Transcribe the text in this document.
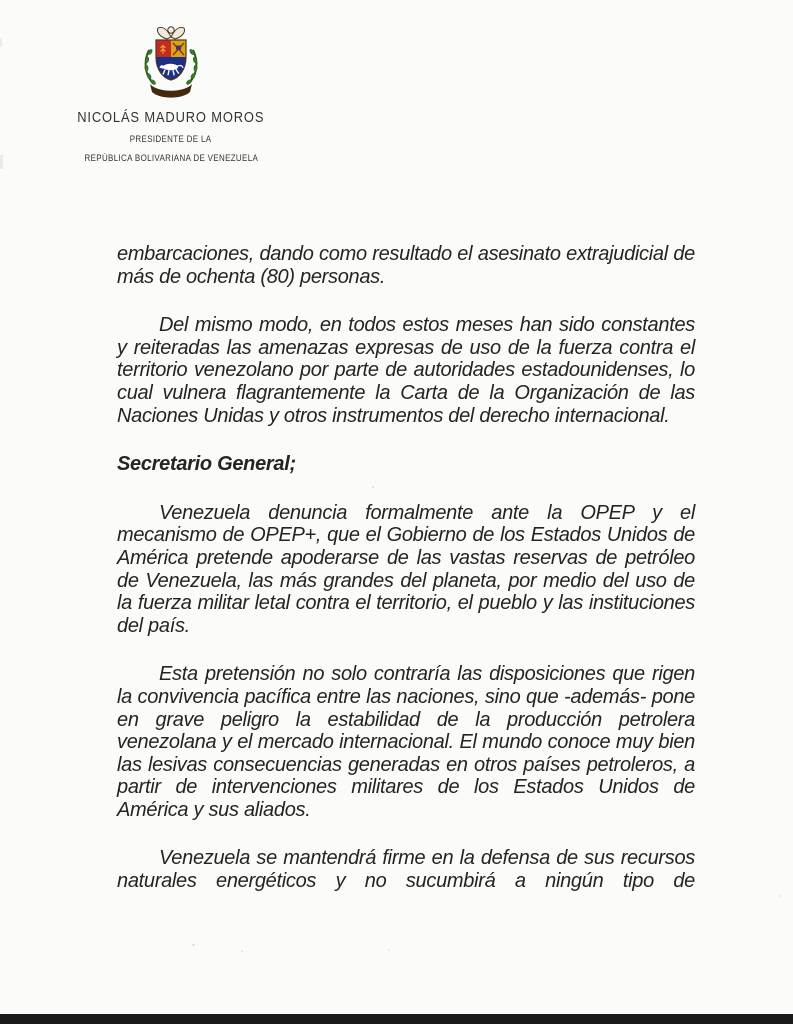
NICOLÁS MADURO MOROS
PRESIDENTE DE LA
REPÚBLICA BOLIVARIANA DE VENEZUELA

embarcaciones, dando como resultado el asesinato extrajudicial de más de ochenta (80) personas.

Del mismo modo, en todos estos meses han sido constantes y reiteradas las amenazas expresas de uso de la fuerza contra el territorio venezolano por parte de autoridades estadounidenses, lo cual vulnera flagrantemente la Carta de la Organización de las Naciones Unidas y otros instrumentos del derecho internacional.

Secretario General;

Venezuela denuncia formalmente ante la OPEP y el mecanismo de OPEP+, que el Gobierno de los Estados Unidos de América pretende apoderarse de las vastas reservas de petróleo de Venezuela, las más grandes del planeta, por medio del uso de la fuerza militar letal contra el territorio, el pueblo y las instituciones del país.

Esta pretensión no solo contraría las disposiciones que rigen la convivencia pacífica entre las naciones, sino que -además- pone en grave peligro la estabilidad de la producción petrolera venezolana y el mercado internacional. El mundo conoce muy bien las lesivas consecuencias generadas en otros países petroleros, a partir de intervenciones militares de los Estados Unidos de América y sus aliados.

Venezuela se mantendrá firme en la defensa de sus recursos naturales energéticos y no sucumbirá a ningún tipo de
